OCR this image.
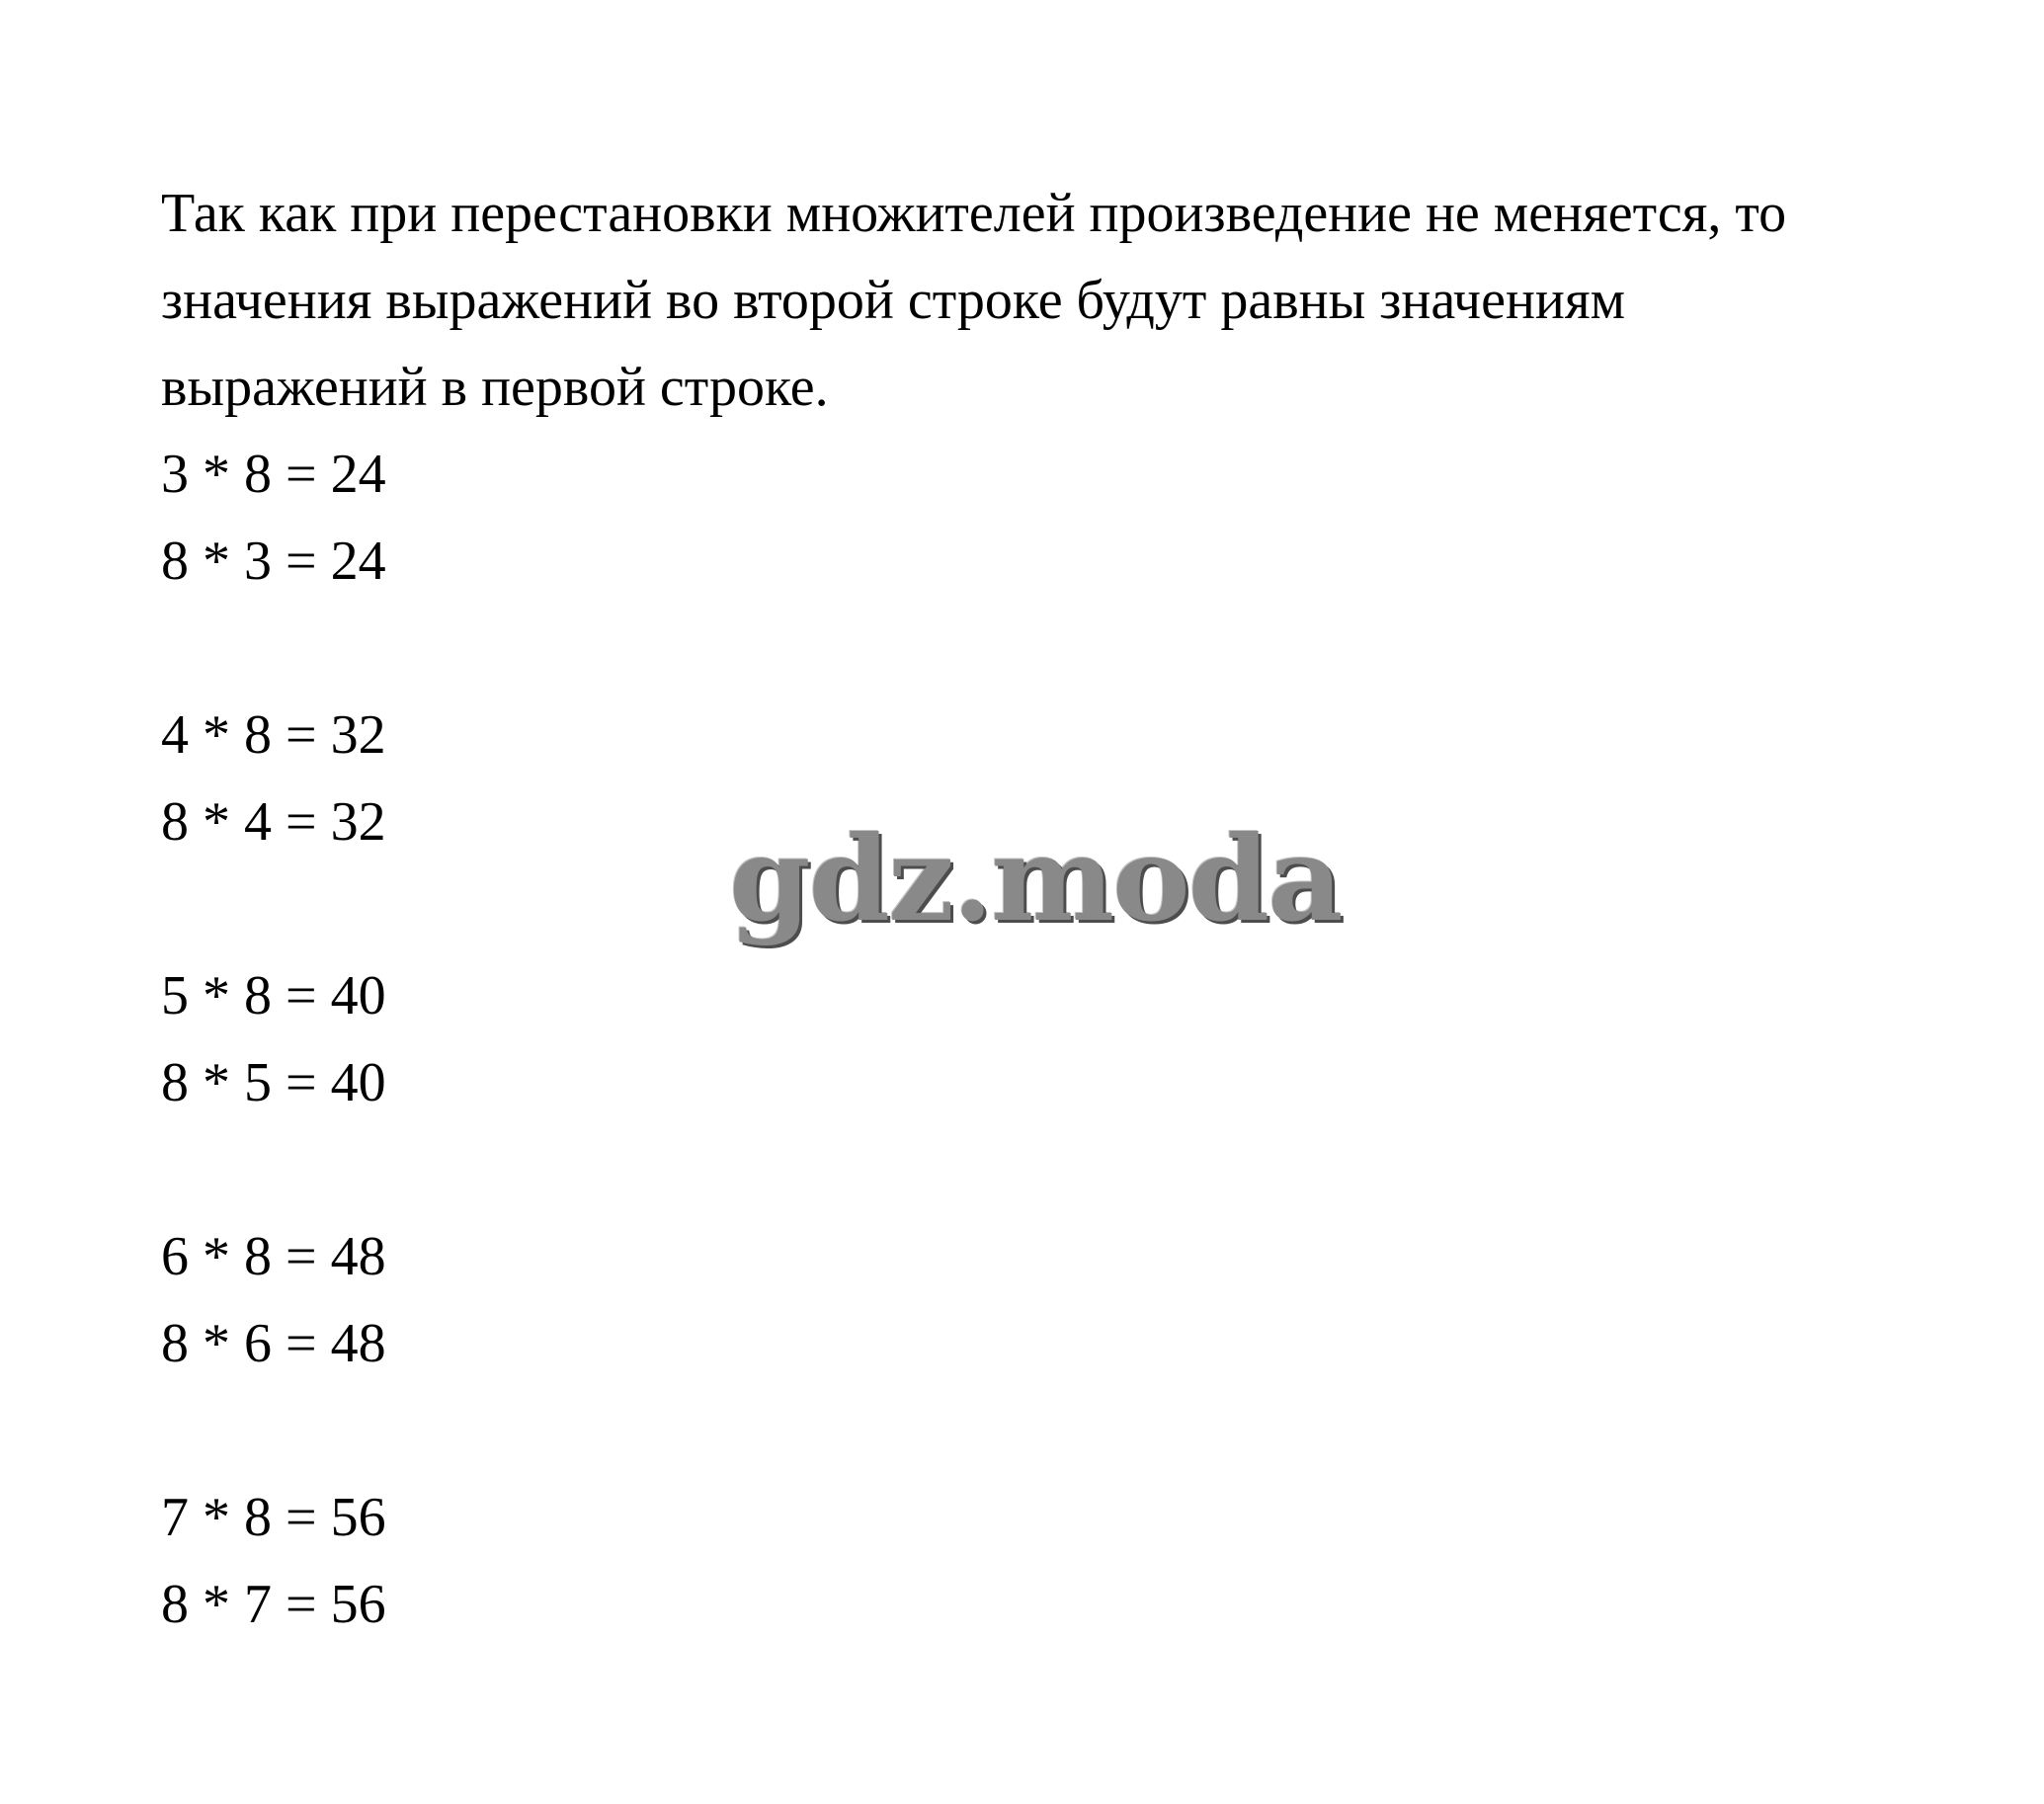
Так как при перестановки множителей произведение не меняется, то
значения выражений во второй строке будут равны значениям
выражений в первой строке.
3 * 8 = 24
8 * 3 = 24
4 * 8 = 32
8 * 4 = 32
5 * 8 = 40
8 * 5 = 40
6 * 8 = 48
8 * 6 = 48
7 * 8 = 56
8 * 7 = 56
gdz.moda
